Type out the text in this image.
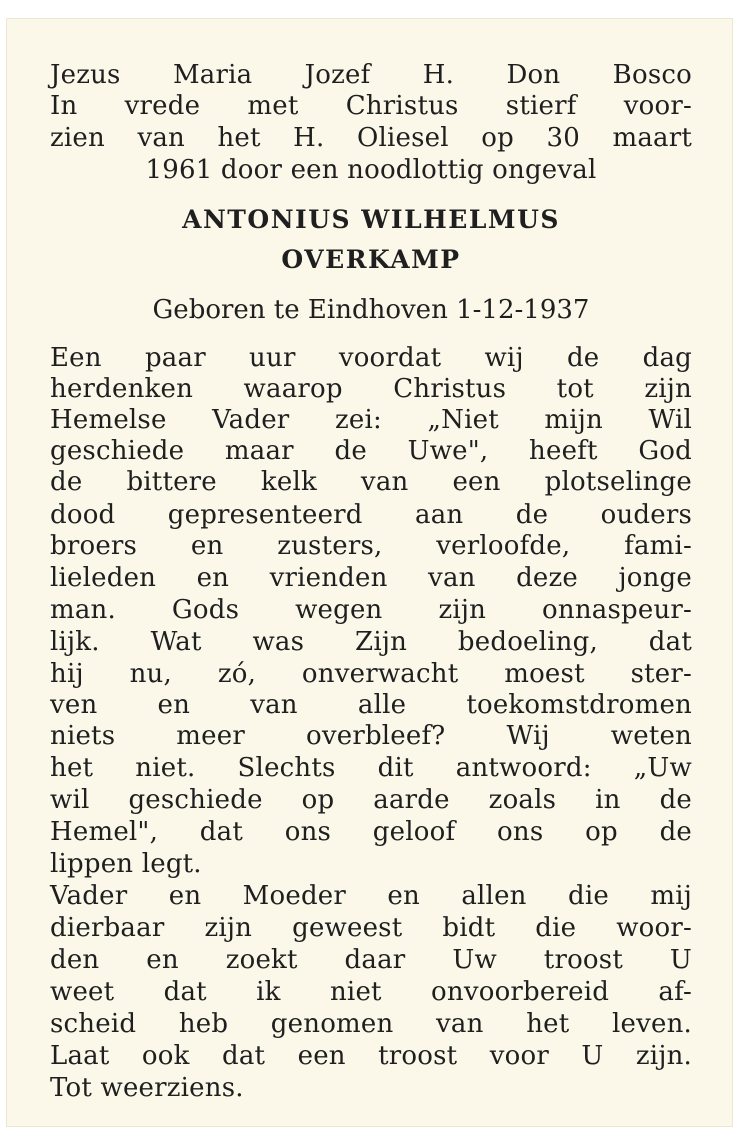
Jezus Maria Jozef H. Don Bosco
In vrede met Christus stierf voor-
zien van het H. Oliesel op 30 maart
1961 door een noodlottig ongeval
ANTONIUS WILHELMUS
OVERKAMP
Geboren te Eindhoven 1-12-1937
Een paar uur voordat wij de dag
herdenken waarop Christus tot zijn
Hemelse Vader zei: „Niet mijn Wil
geschiede maar de Uwe", heeft God
de bittere kelk van een plotselinge
dood gepresenteerd aan de ouders
broers en zusters, verloofde, fami-
lieleden en vrienden van deze jonge
man. Gods wegen zijn onnaspeur-
lijk. Wat was Zijn bedoeling, dat
hij nu, zó, onverwacht moest ster-
ven en van alle toekomstdromen
niets meer overbleef? Wij weten
het niet. Slechts dit antwoord: „Uw
wil geschiede op aarde zoals in de
Hemel", dat ons geloof ons op de
lippen legt.
Vader en Moeder en allen die mij
dierbaar zijn geweest bidt die woor-
den en zoekt daar Uw troost U
weet dat ik niet onvoorbereid af-
scheid heb genomen van het leven.
Laat ook dat een troost voor U zijn.
Tot weerziens.
